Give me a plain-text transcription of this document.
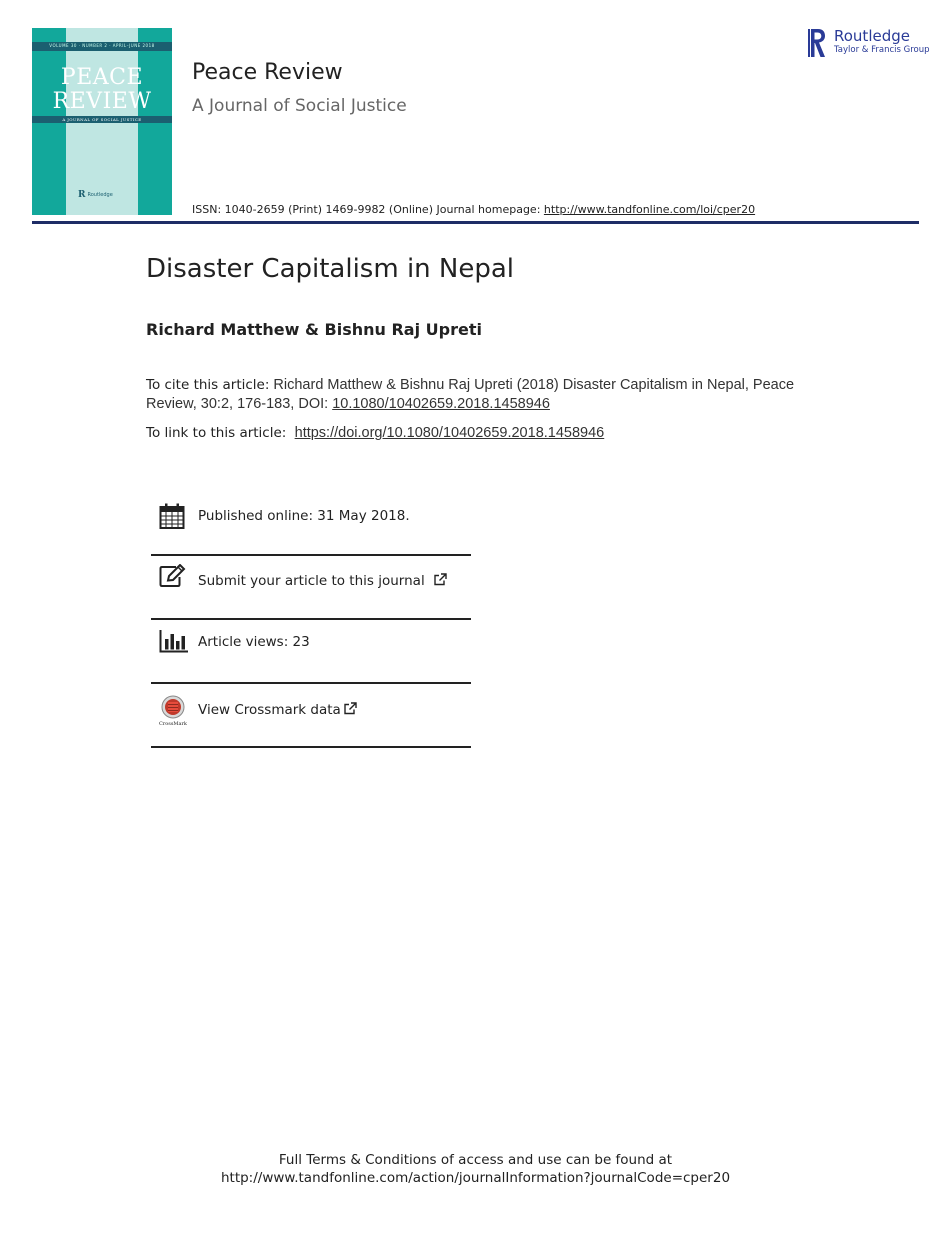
VOLUME 30 · NUMBER 2 · APRIL–JUNE 2018
PEACE
REVIEW
A JOURNAL OF SOCIAL JUSTICE
R Routledge
Peace Review
A Journal of Social Justice
Routledge
Taylor & Francis Group
ISSN: 1040-2659 (Print) 1469-9982 (Online) Journal homepage: http://www.tandfonline.com/loi/cper20
Disaster Capitalism in Nepal
Richard Matthew & Bishnu Raj Upreti
To cite this article: Richard Matthew & Bishnu Raj Upreti (2018) Disaster Capitalism in Nepal, Peace Review, 30:2, 176-183, DOI: 10.1080/10402659.2018.1458946
To link to this article: https://doi.org/10.1080/10402659.2018.1458946
Published online: 31 May 2018.
Submit your article to this journal
Article views: 23
CrossMark
View Crossmark data
Full Terms & Conditions of access and use can be found at
http://www.tandfonline.com/action/journalInformation?journalCode=cper20
